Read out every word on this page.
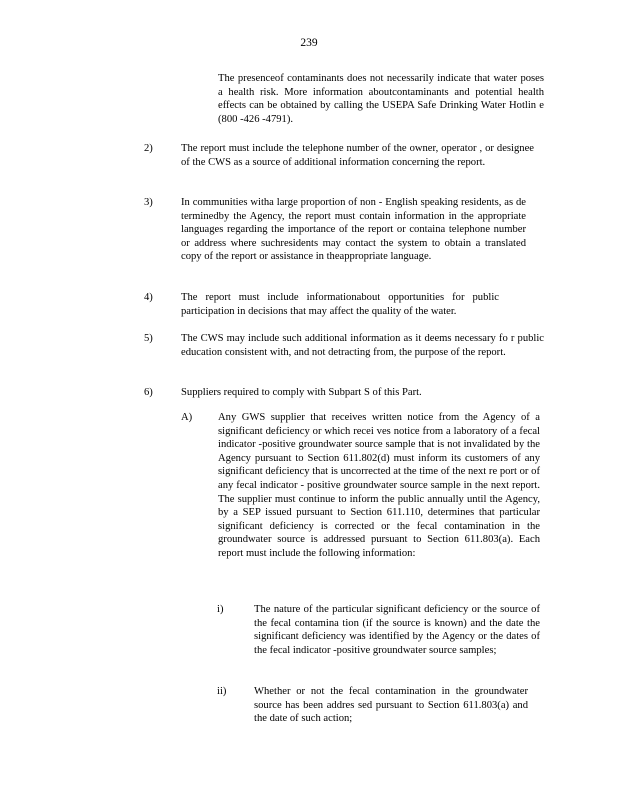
239
The presenceof contaminants does not necessarily indicate that water poses a health risk. More information aboutcontaminants and potential health effects can be obtained by calling the USEPA Safe Drinking Water Hotlin e (800 -426 -4791).
2)	The report must include the telephone number of the owner, operator , or designee of the CWS as a source of additional information concerning the report.
3)	In communities witha large proportion of non - English speaking residents, as de terminedby the Agency, the report must contain information in the appropriate languages regarding the importance of the report or containa telephone number or address where suchresidents may contact the system to obtain a translated copy of the report or assistance in theappropriate language.
4)	The report must include informationabout opportunities for public participation in decisions that may affect the quality of the water.
5)	The CWS may include such additional information as it deems necessary fo r public education consistent with, and not detracting from, the purpose of the report.
6)	Suppliers required to comply with Subpart S of this Part.
A) Any GWS supplier that receives written notice from the Agency of a significant deficiency or which recei ves notice from a laboratory of a fecal indicator -positive groundwater source sample that is not invalidated by the Agency pursuant to Section 611.802(d) must inform its customers of any significant deficiency that is uncorrected at the time of the next re port or of any fecal indicator - positive groundwater source sample in the next report. The supplier must continue to inform the public annually until the Agency, by a SEP issued pursuant to Section 611.110, determines that particular significant deficiency is corrected or the fecal contamination in the groundwater source is addressed pursuant to Section 611.803(a). Each report must include the following information:
i)	The nature of the particular significant deficiency or the source of the fecal contamina tion (if the source is known) and the date the significant deficiency was identified by the Agency or the dates of the fecal indicator -positive groundwater source samples;
ii)	Whether or not the fecal contamination in the groundwater source has been addres sed pursuant to Section 611.803(a) and the date of such action;
